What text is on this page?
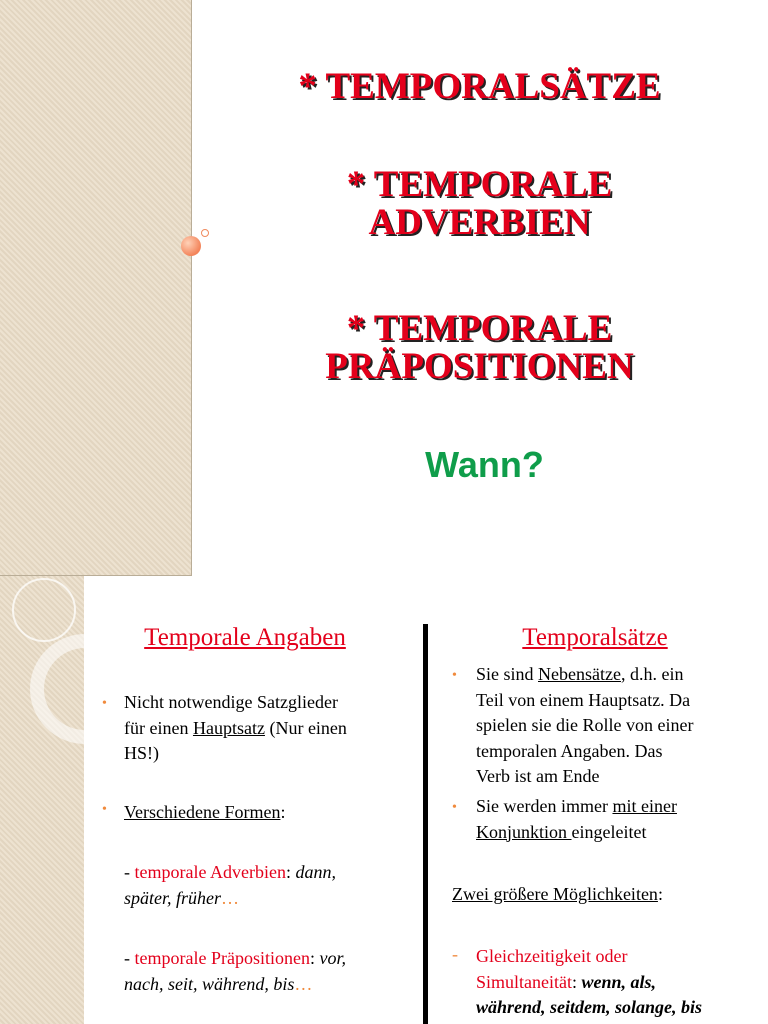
* TEMPORALSÄTZE
* TEMPORALE
ADVERBIEN
* TEMPORALE
PRÄPOSITIONEN
Wann?
Temporale Angaben
• Nicht notwendige Satzglieder
für einen Hauptsatz (Nur einen
HS!)
• Verschiedene Formen:
- temporale Adverbien: dann,
später, früher…
- temporale Präpositionen: vor,
nach, seit, während, bis…
Temporalsätze
• Sie sind Nebensätze, d.h. ein
Teil von einem Hauptsatz. Da
spielen sie die Rolle von einer
temporalen Angaben. Das
Verb ist am Ende
• Sie werden immer mit einer
Konjunktion eingeleitet
Zwei größere Möglichkeiten:
- Gleichzeitigkeit oder
Simultaneität: wenn, als,
während, seitdem, solange, bis
